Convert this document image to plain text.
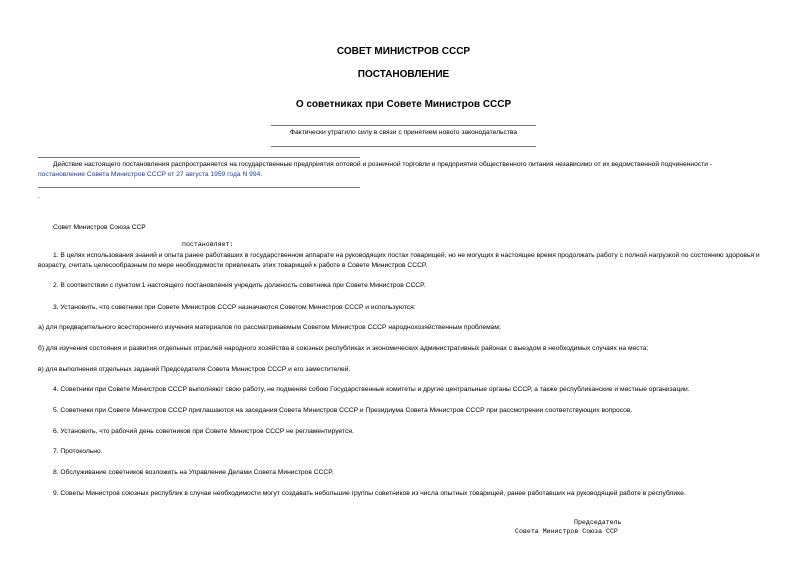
СОВЕТ МИНИСТРОВ СССР
ПОСТАНОВЛЕНИЕ
О советниках при Совете Министров СССР
Фактически утратило силу в связи с принятием нового законодательства
Действие настоящего постановления распространяется на государственные предприятия оптовой и розничной торговли и предприятия общественного питания независимо от их ведомственной подчиненности -
постановление Совета Министров СССР от 27 августа 1959 года N 994.
.
Совет Министров Союза ССР
постановляет:
1. В целях использования знаний и опыта ранее работавших в государственном аппарате на руководящих постах товарищей, но не могущих в настоящее время продолжать работу с полной нагрузкой по состоянию здоровья и возрасту, считать целесообразным по мере необходимости привлекать этих товарищей к работе в Совете Министров СССР.
2. В соответствии с пунктом 1 настоящего постановления учредить должность советника при Совете Министров СССР.
3. Установить, что советники при Совете Министров СССР назначаются Советом Министров СССР и используются:
а) для предварительного всестороннего изучения материалов по рассматриваемым Советом Министров СССР народнохозяйственным проблемам;
б) для изучения состояния и развития отдельных отраслей народного хозяйства в союзных республиках и экономических административных районах с выездом в необходимых случаях на места;
в) для выполнения отдельных заданий Председателя Совета Министров СССР и его заместителей.
4. Советники при Совете Министров СССР выполняют свою работу, не подменяя собою Государственные комитеты и другие центральные органы СССР, а также республиканские и местные организации.
5. Советники при Совете Министров СССР приглашаются на заседания Совета Министров СССР и Президиума Совета Министров СССР при рассмотрении соответствующих вопросов.
6. Установить, что рабочий день советников при Совете Министров СССР не регламентируется.
7. Протокольно.
8. Обслуживание советников возложить на Управление Делами Совета Министров СССР.
9. Советы Министров союзных республик в случае необходимости могут создавать небольшие группы советников из числа опытных товарищей, ранее работавших на руководящей работе в республике.
Председатель
Совета Министров Союза ССР
